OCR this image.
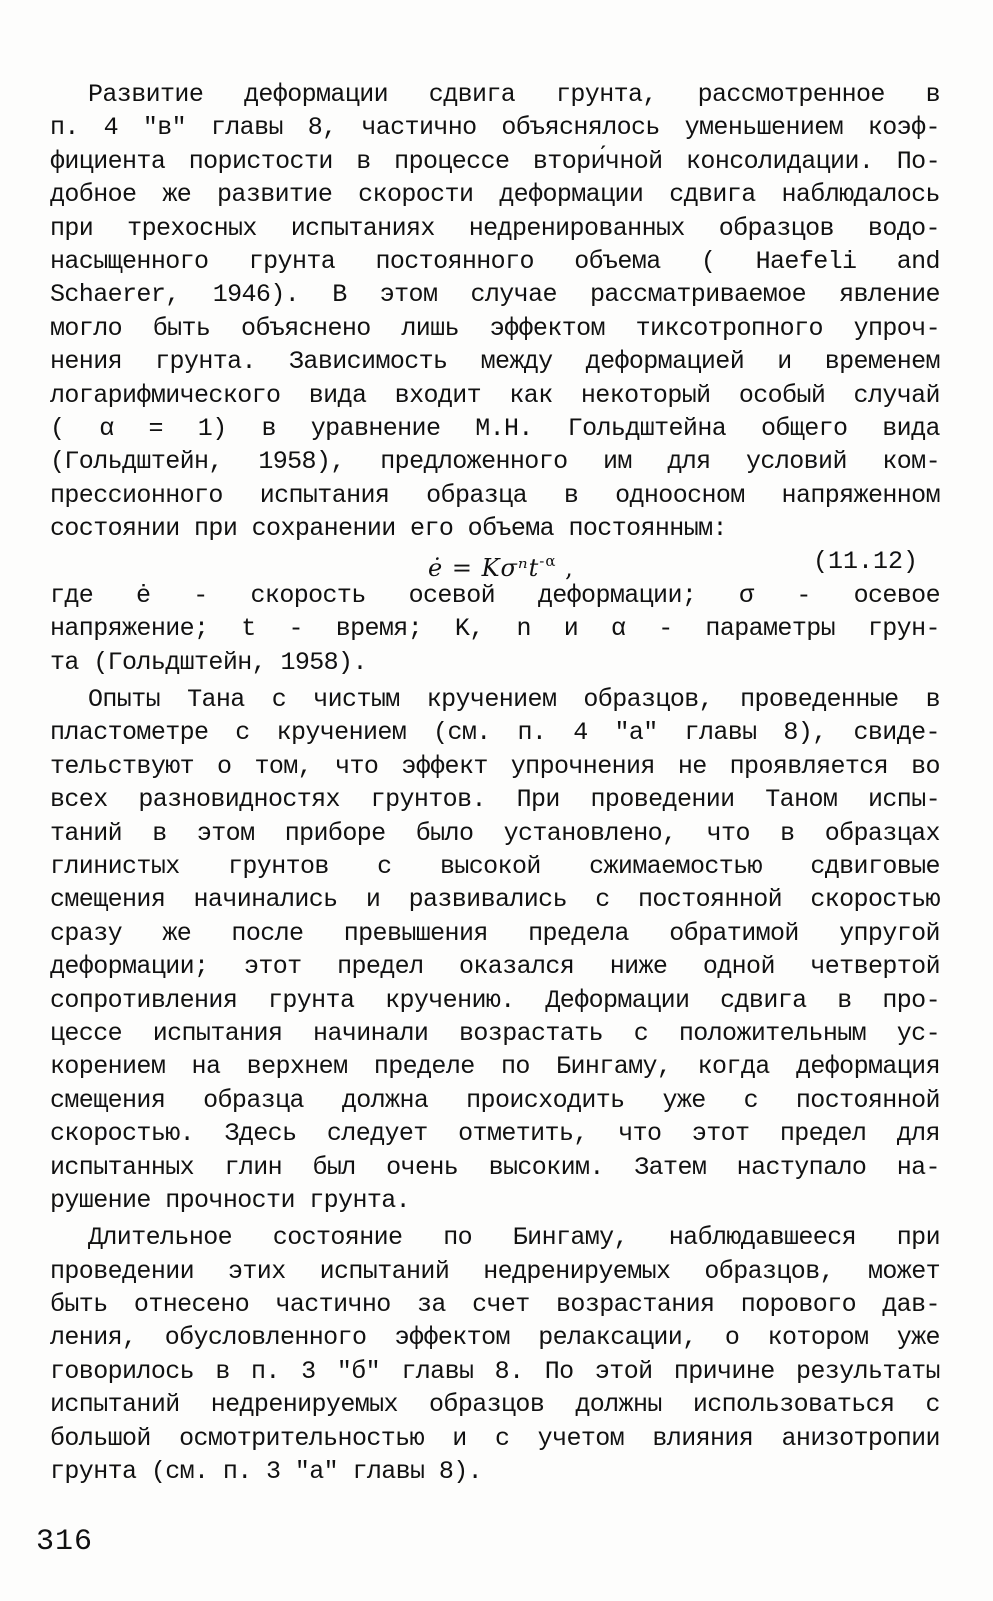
Развитие деформации сдвига грунта, рассмотренное в
п. 4 ″в″ главы 8, частично объяснялось уменьшением коэф-
фициента пористости в процессе втори́чной консолидации. По-
добное же развитие скорости деформации сдвига наблюдалось
при трехосных испытаниях недренированных образцов водо-
насыщенного грунта постоянного объема ( Haefeli and
Schaerer, 1946). В этом случае рассматриваемое явление
могло быть объяснено лишь эффектом тиксотропного упроч-
нения грунта. Зависимость между деформацией и временем
логарифмического вида входит как некоторый особый случай
( α = 1) в уравнение М.Н. Гольдштейна общего вида
(Гольдштейн, 1958), предложенного им для условий ком-
прессионного испытания образца в одноосном напряженном
состоянии при сохранении его объема постоянным:
ė = Kσⁿt$^{-\alpha}$ ,	(11.12)
где ė - скорость осевой деформации; σ - осевое
напряжение; t - время; K, n и α - параметры грун-
та (Гольдштейн, 1958).
Опыты Тана с чистым кручением образцов, проведенные в
пластометре с кручением (см. п. 4 ″а″ главы 8), свиде-
тельствуют о том, что эффект упрочнения не проявляется во
всех разновидностях грунтов. При проведении Таном испы-
таний в этом приборе было установлено, что в образцах
глинистых грунтов с высокой сжимаемостью сдвиговые
смещения начинались и развивались с постоянной скоростью
сразу же после превышения предела обратимой упругой
деформации; этот предел оказался ниже одной четвертой
сопротивления грунта кручению. Деформации сдвига в про-
цессе испытания начинали возрастать с положительным ус-
корением на верхнем пределе по Бингаму, когда деформация
смещения образца должна происходить уже с постоянной
скоростью. Здесь следует отметить, что этот предел для
испытанных глин был очень высоким. Затем наступало на-
рушение прочности грунта.
Длительное состояние по Бингаму, наблюдавшееся при
проведении этих испытаний недренируемых образцов, может
быть отнесено частично за счет возрастания порового дав-
ления, обусловленного эффектом релаксации, о котором уже
говорилось в п. 3 ″б″ главы 8. По этой причине результаты
испытаний недренируемых образцов должны использоваться с
большой осмотрительностью и с учетом влияния анизотропии
грунта (см. п. 3 ″а″ главы 8).
316
